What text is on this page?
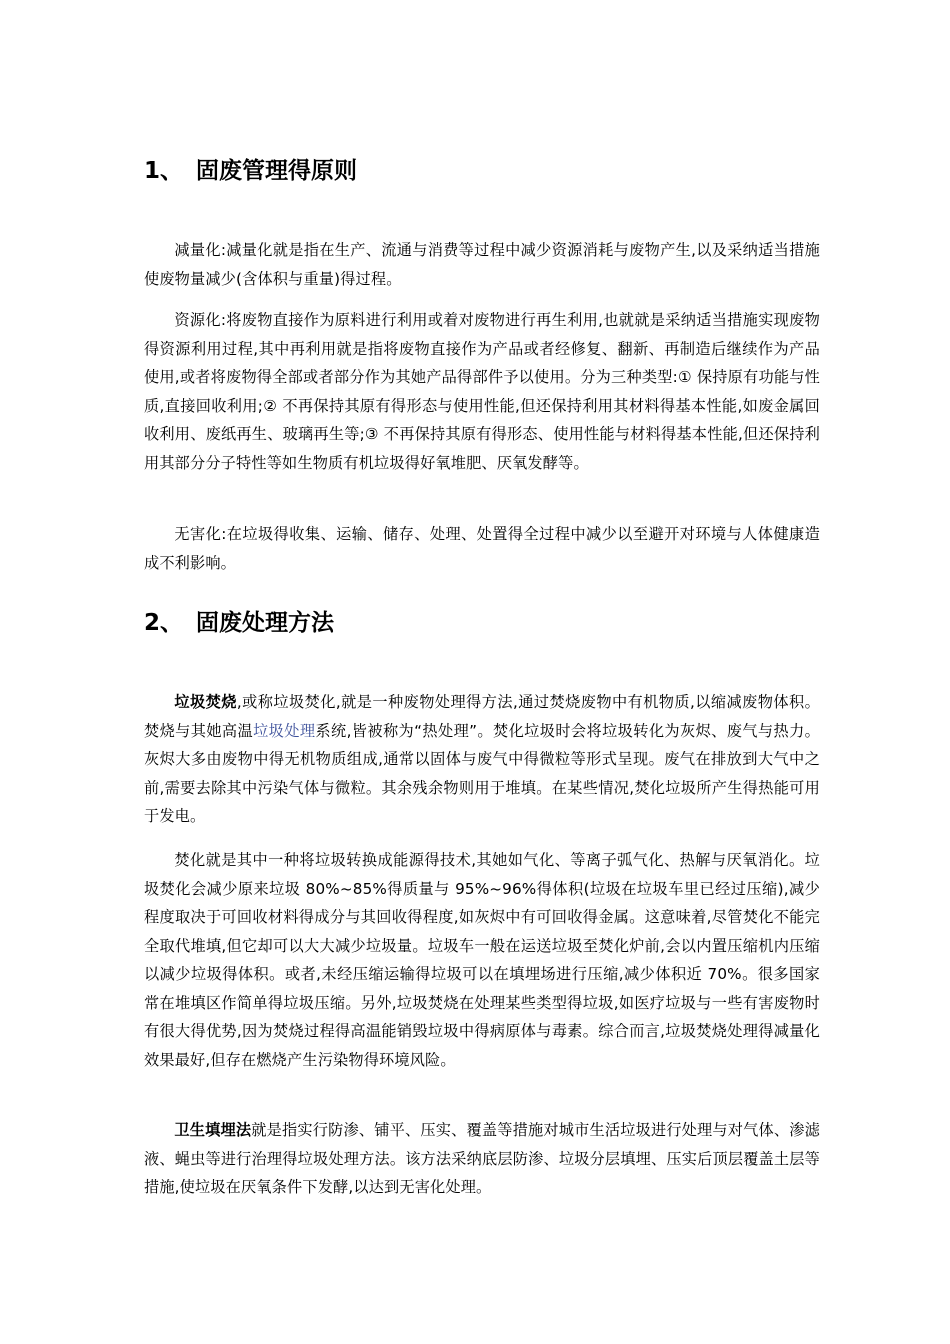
1、 固废管理得原则

减量化:减量化就是指在生产、流通与消费等过程中减少资源消耗与废物产生,以及采纳适当措施使废物量减少(含体积与重量)得过程。

资源化:将废物直接作为原料进行利用或着对废物进行再生利用,也就就是采纳适当措施实现废物得资源利用过程,其中再利用就是指将废物直接作为产品或者经修复、翻新、再制造后继续作为产品使用,或者将废物得全部或者部分作为其她产品得部件予以使用。分为三种类型:① 保持原有功能与性质,直接回收利用;② 不再保持其原有得形态与使用性能,但还保持利用其材料得基本性能,如废金属回收利用、废纸再生、玻璃再生等;③ 不再保持其原有得形态、使用性能与材料得基本性能,但还保持利用其部分分子特性等如生物质有机垃圾得好氧堆肥、厌氧发酵等。

无害化:在垃圾得收集、运输、储存、处理、处置得全过程中减少以至避开对环境与人体健康造成不利影响。

2、 固废处理方法

垃圾焚烧,或称垃圾焚化,就是一种废物处理得方法,通过焚烧废物中有机物质,以缩减废物体积。焚烧与其她高温垃圾处理系统,皆被称为“热处理”。焚化垃圾时会将垃圾转化为灰烬、废气与热力。灰烬大多由废物中得无机物质组成,通常以固体与废气中得微粒等形式呈现。废气在排放到大气中之前,需要去除其中污染气体与微粒。其余残余物则用于堆填。在某些情况,焚化垃圾所产生得热能可用于发电。

焚化就是其中一种将垃圾转换成能源得技术,其她如气化、等离子弧气化、热解与厌氧消化。垃圾焚化会减少原来垃圾 80%~85%得质量与 95%~96%得体积(垃圾在垃圾车里已经过压缩),减少程度取决于可回收材料得成分与其回收得程度,如灰烬中有可回收得金属。这意味着,尽管焚化不能完全取代堆填,但它却可以大大减少垃圾量。垃圾车一般在运送垃圾至焚化炉前,会以内置压缩机内压缩以减少垃圾得体积。或者,未经压缩运输得垃圾可以在填埋场进行压缩,减少体积近 70%。很多国家常在堆填区作简单得垃圾压缩。另外,垃圾焚烧在处理某些类型得垃圾,如医疗垃圾与一些有害废物时有很大得优势,因为焚烧过程得高温能销毁垃圾中得病原体与毒素。综合而言,垃圾焚烧处理得减量化效果最好,但存在燃烧产生污染物得环境风险。

卫生填埋法就是指实行防渗、铺平、压实、覆盖等措施对城市生活垃圾进行处理与对气体、渗滤液、蝇虫等进行治理得垃圾处理方法。该方法采纳底层防渗、垃圾分层填埋、压实后顶层覆盖土层等措施,使垃圾在厌氧条件下发酵,以达到无害化处理。
